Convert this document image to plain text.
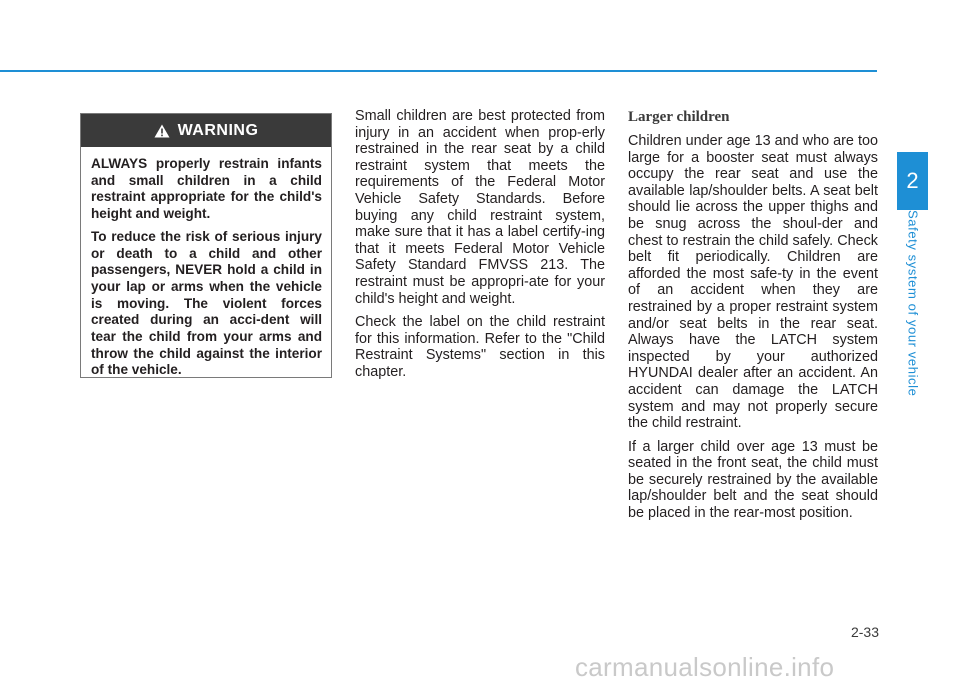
WARNING

ALWAYS properly restrain infants and small children in a child restraint appropriate for the child's height and weight.

To reduce the risk of serious injury or death to a child and other passengers, NEVER hold a child in your lap or arms when the vehicle is moving. The violent forces created during an acci-dent will tear the child from your arms and throw the child against the interior of the vehicle.

Small children are best protected from injury in an accident when prop-erly restrained in the rear seat by a child restraint system that meets the requirements of the Federal Motor Vehicle Safety Standards. Before buying any child restraint system, make sure that it has a label certify-ing that it meets Federal Motor Vehicle Safety Standard FMVSS 213. The restraint must be appropri-ate for your child's height and weight.

Check the label on the child restraint for this information. Refer to the "Child Restraint Systems" section in this chapter.

Larger children

Children under age 13 and who are too large for a booster seat must always occupy the rear seat and use the available lap/shoulder belts. A seat belt should lie across the upper thighs and be snug across the shoul-der and chest to restrain the child safely. Check belt fit periodically. Children are afforded the most safe-ty in the event of an accident when they are restrained by a proper restraint system and/or seat belts in the rear seat. Always have the LATCH system inspected by your authorized HYUNDAI dealer after an accident. An accident can damage the LATCH system and may not properly secure the child restraint.

If a larger child over age 13 must be seated in the front seat, the child must be securely restrained by the available lap/shoulder belt and the seat should be placed in the rear-most position.

2
Safety system of your vehicle
2-33
carmanualsonline.info
